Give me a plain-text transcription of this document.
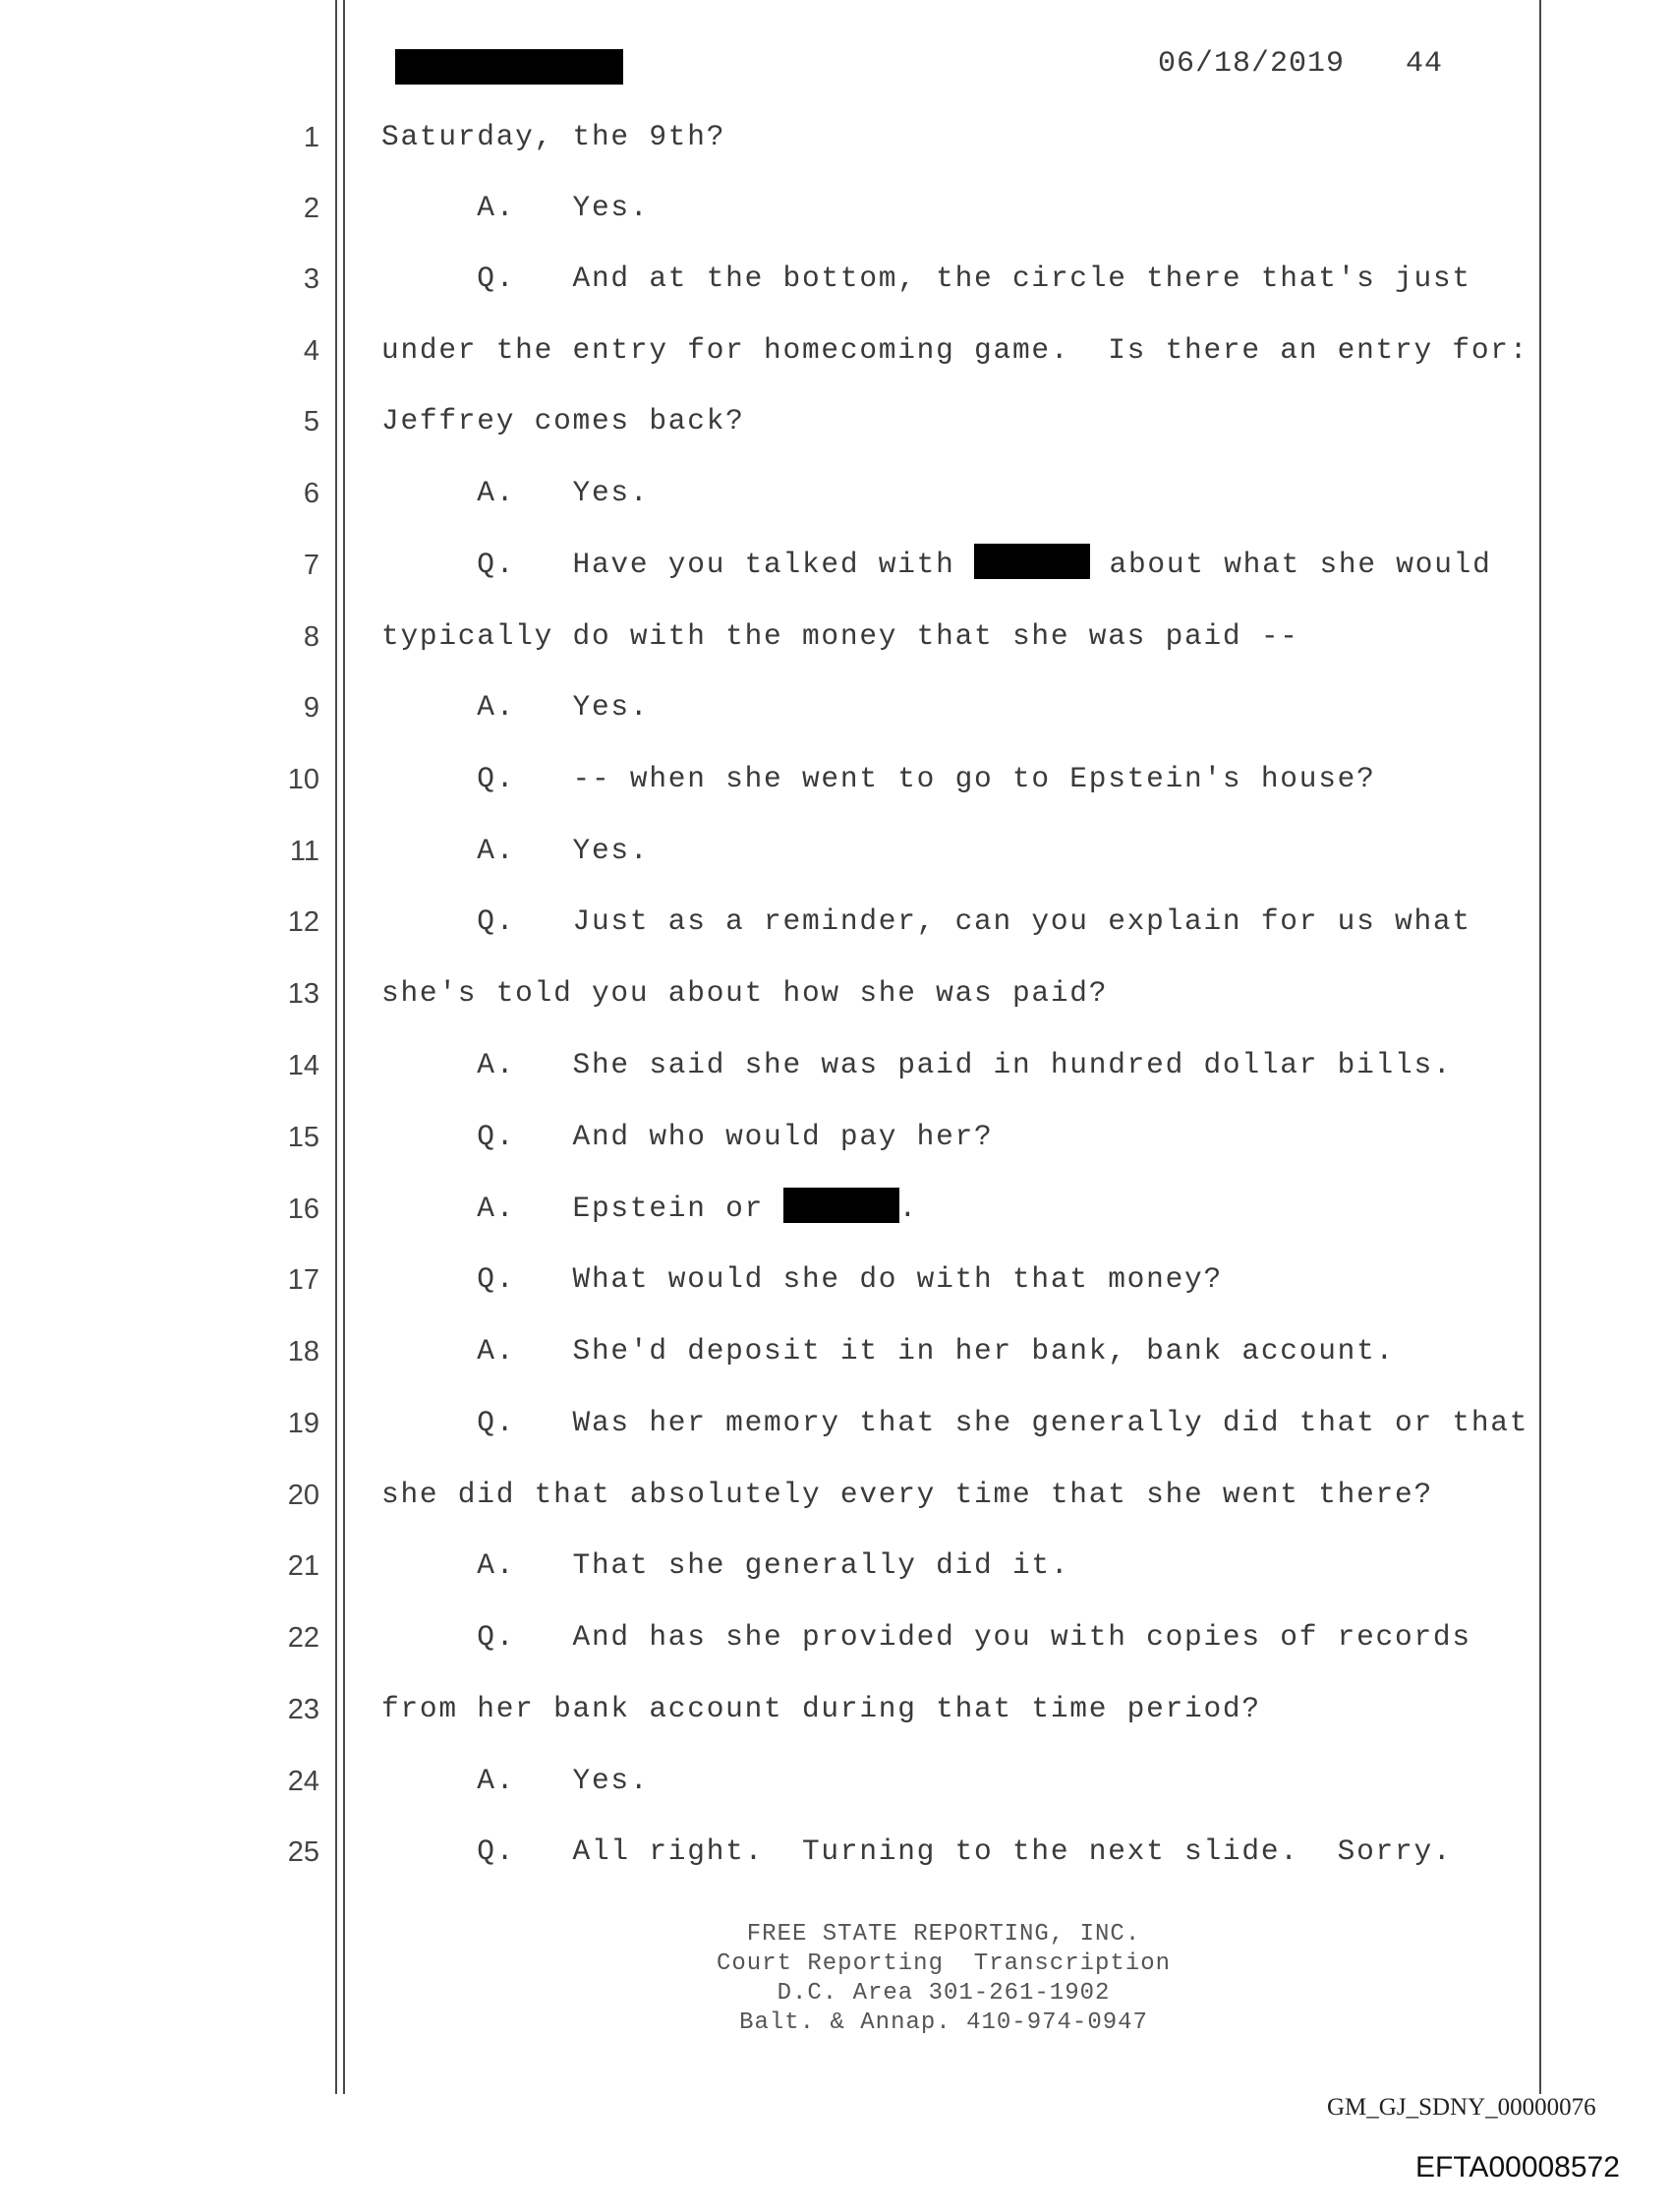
06/18/2019 44
1
2
3
4
5
6
7
8
9
10
11
12
13
14
15
16
17
18
19
20
21
22
23
24
25
Saturday, the 9th?
A.   Yes.
Q.   And at the bottom, the circle there that's just
under the entry for homecoming game.  Is there an entry for:
Jeffrey comes back?
A.   Yes.
Q.   Have you talked with	about what she would
typically do with the money that she was paid --
A.   Yes.
Q.   -- when she went to go to Epstein's house?
A.   Yes.
Q.   Just as a reminder, can you explain for us what
she's told you about how she was paid?
A.   She said she was paid in hundred dollar bills.
Q.   And who would pay her?
A.   Epstein or	.
Q.   What would she do with that money?
A.   She'd deposit it in her bank, bank account.
Q.   Was her memory that she generally did that or that
she did that absolutely every time that she went there?
A.   That she generally did it.
Q.   And has she provided you with copies of records
from her bank account during that time period?
A.   Yes.
Q.   All right.  Turning to the next slide.  Sorry.
FREE STATE REPORTING, INC.
Court Reporting  Transcription
D.C. Area 301-261-1902
Balt. & Annap. 410-974-0947
GM_GJ_SDNY_00000076
EFTA00008572
